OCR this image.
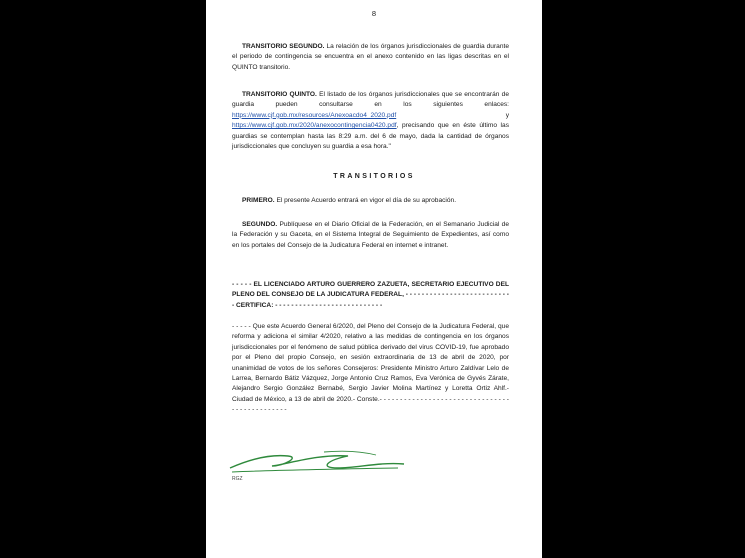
8
TRANSITORIO SEGUNDO. La relación de los órganos jurisdiccionales de guardia durante el periodo de contingencia se encuentra en el anexo contenido en las ligas descritas en el QUINTO transitorio.
TRANSITORIO QUINTO. El listado de los órganos jurisdiccionales que se encontrarán de guardia pueden consultarse en los siguientes enlaces: https://www.cjf.gob.mx/resources/Anexoacdo4_2020.pdf y https://www.cjf.gob.mx/2020/anexocontingencia0420.pdf, precisando que en éste último las guardias se contemplan hasta las 8:29 a.m. del 6 de mayo, dada la cantidad de órganos jurisdiccionales que concluyen su guardia a esa hora."
TRANSITORIOS
PRIMERO. El presente Acuerdo entrará en vigor el día de su aprobación.
SEGUNDO. Publíquese en el Diario Oficial de la Federación, en el Semanario Judicial de la Federación y su Gaceta, en el Sistema Integral de Seguimiento de Expedientes, así como en los portales del Consejo de la Judicatura Federal en internet e intranet.
- - - - - EL LICENCIADO ARTURO GUERRERO ZAZUETA, SECRETARIO EJECUTIVO DEL PLENO DEL CONSEJO DE LA JUDICATURA FEDERAL, - - - - - - - - - - - - - - - - - - - - - - - - - - - CERTIFICA: - - - - - - - - - - - - - - - - - - - - - - - - - - -
- - - - - Que este Acuerdo General 6/2020, del Pleno del Consejo de la Judicatura Federal, que reforma y adiciona el similar 4/2020, relativo a las medidas de contingencia en los órganos jurisdiccionales por el fenómeno de salud pública derivado del virus COVID-19, fue aprobado por el Pleno del propio Consejo, en sesión extraordinaria de 13 de abril de 2020, por unanimidad de votos de los señores Consejeros: Presidente Ministro Arturo Zaldívar Lelo de Larrea, Bernardo Bátiz Vázquez, Jorge Antonio Cruz Ramos, Eva Verónica de Gyvés Zárate, Alejandro Sergio González Bernabé, Sergio Javier Molina Martínez y Loretta Ortiz Ahlf.- Ciudad de México, a 13 de abril de 2020.- Conste.- - - - - - - - - - - - - - - - - - - - - - - - - - - - - - - - - - - - - - - - - - - - - -
RGZ
